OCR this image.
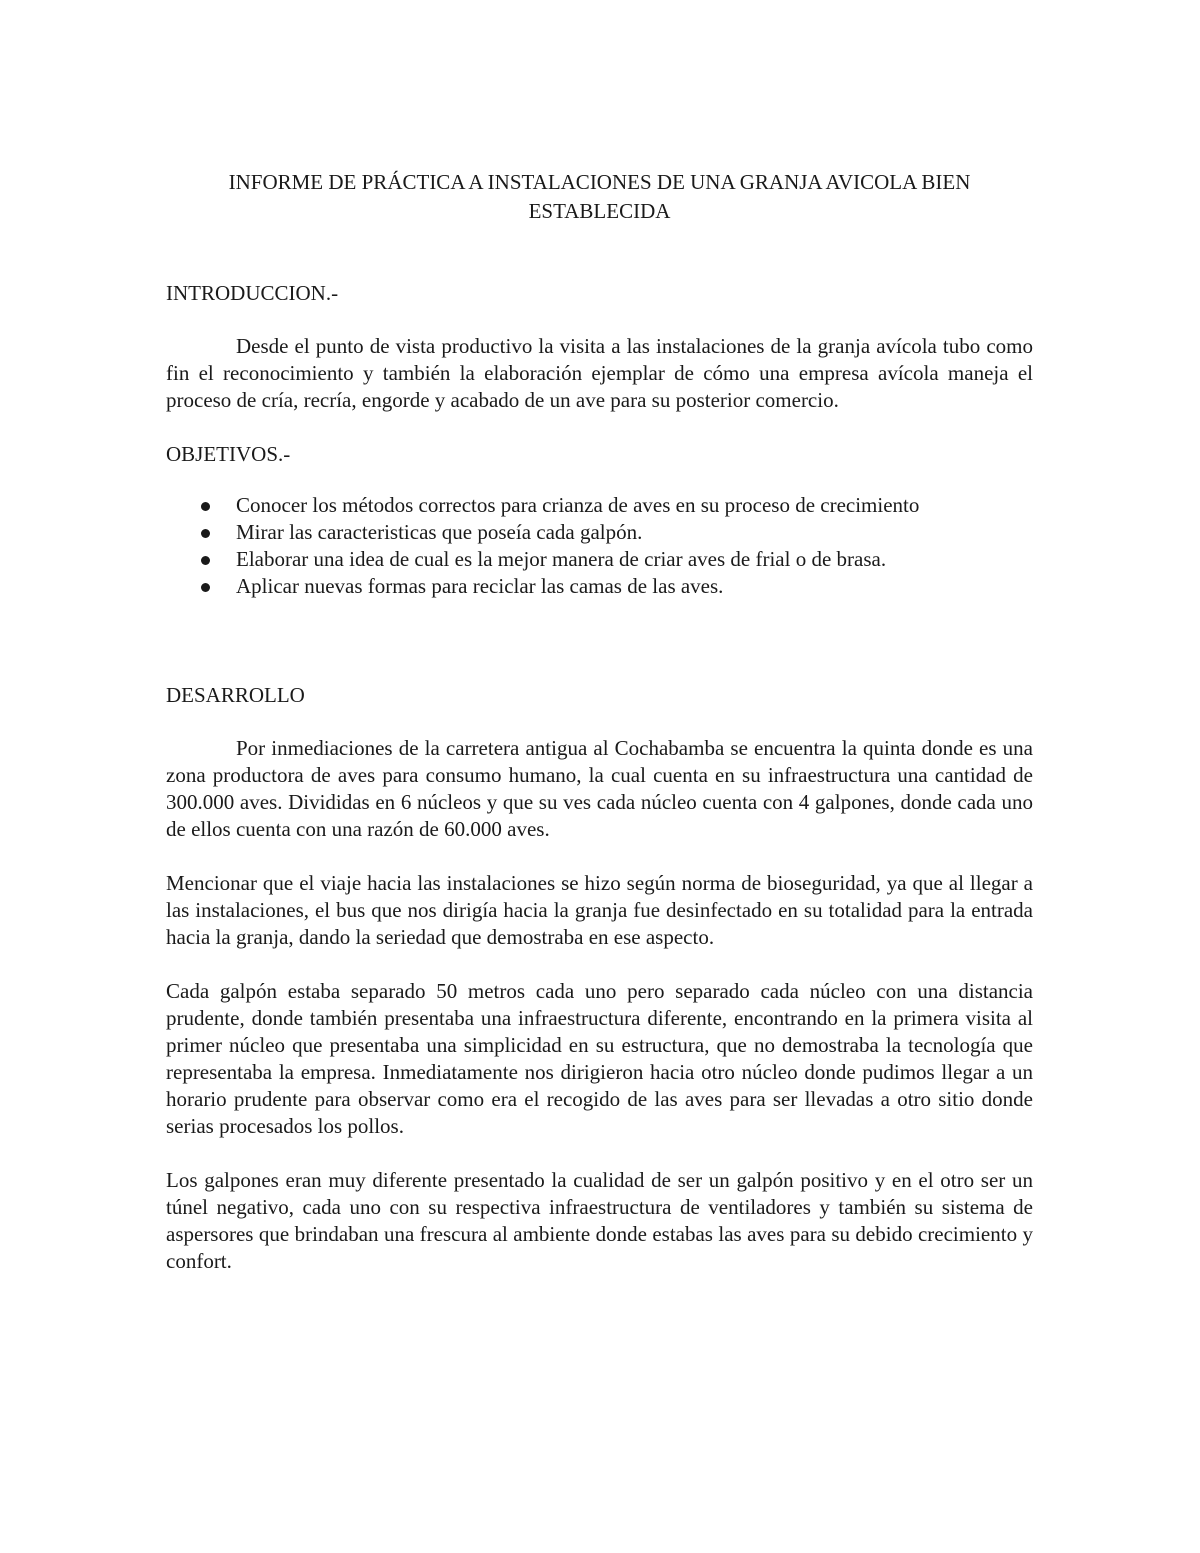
INFORME DE PRÁCTICA A INSTALACIONES DE UNA GRANJA AVICOLA BIEN
ESTABLECIDA
INTRODUCCION.-

Desde el punto de vista productivo la visita a las instalaciones de la granja avícola tubo como fin el reconocimiento y también la elaboración ejemplar de cómo una empresa avícola maneja el proceso de cría, recría, engorde y acabado de un ave para su posterior comercio.

OBJETIVOS.-
Conocer los métodos correctos para crianza de aves en su proceso de crecimiento
Mirar las caracteristicas que poseía cada galpón.
Elaborar una idea de cual es la mejor manera de criar aves de frial o de brasa.
Aplicar nuevas formas para reciclar las camas de las aves.
DESARROLLO

Por inmediaciones de la carretera antigua al Cochabamba se encuentra la quinta donde es una zona productora de aves para consumo humano, la cual cuenta en su infraestructura una cantidad de 300.000 aves. Divididas en 6 núcleos y que su ves cada núcleo cuenta con 4 galpones, donde cada uno de ellos cuenta con una razón de 60.000 aves.

Mencionar que el viaje hacia las instalaciones se hizo según norma de bioseguridad, ya que al llegar a las instalaciones, el bus que nos dirigía hacia la granja fue desinfectado en su totalidad para la entrada hacia la granja, dando la seriedad que demostraba en ese aspecto.

Cada galpón estaba separado 50 metros cada uno pero separado cada núcleo con una distancia prudente, donde también presentaba una infraestructura diferente, encontrando en la primera visita al primer núcleo que presentaba una simplicidad en su estructura, que no demostraba la tecnología que representaba la empresa. Inmediatamente nos dirigieron hacia otro núcleo donde pudimos llegar a un horario prudente para observar como era el recogido de las aves para ser llevadas a otro sitio donde serias procesados los pollos.

Los galpones eran muy diferente presentado la cualidad de ser un galpón positivo y en el otro ser un túnel negativo, cada uno con su respectiva infraestructura de ventiladores y también su sistema de aspersores que brindaban una frescura al ambiente donde estabas las aves para su debido crecimiento y confort.
